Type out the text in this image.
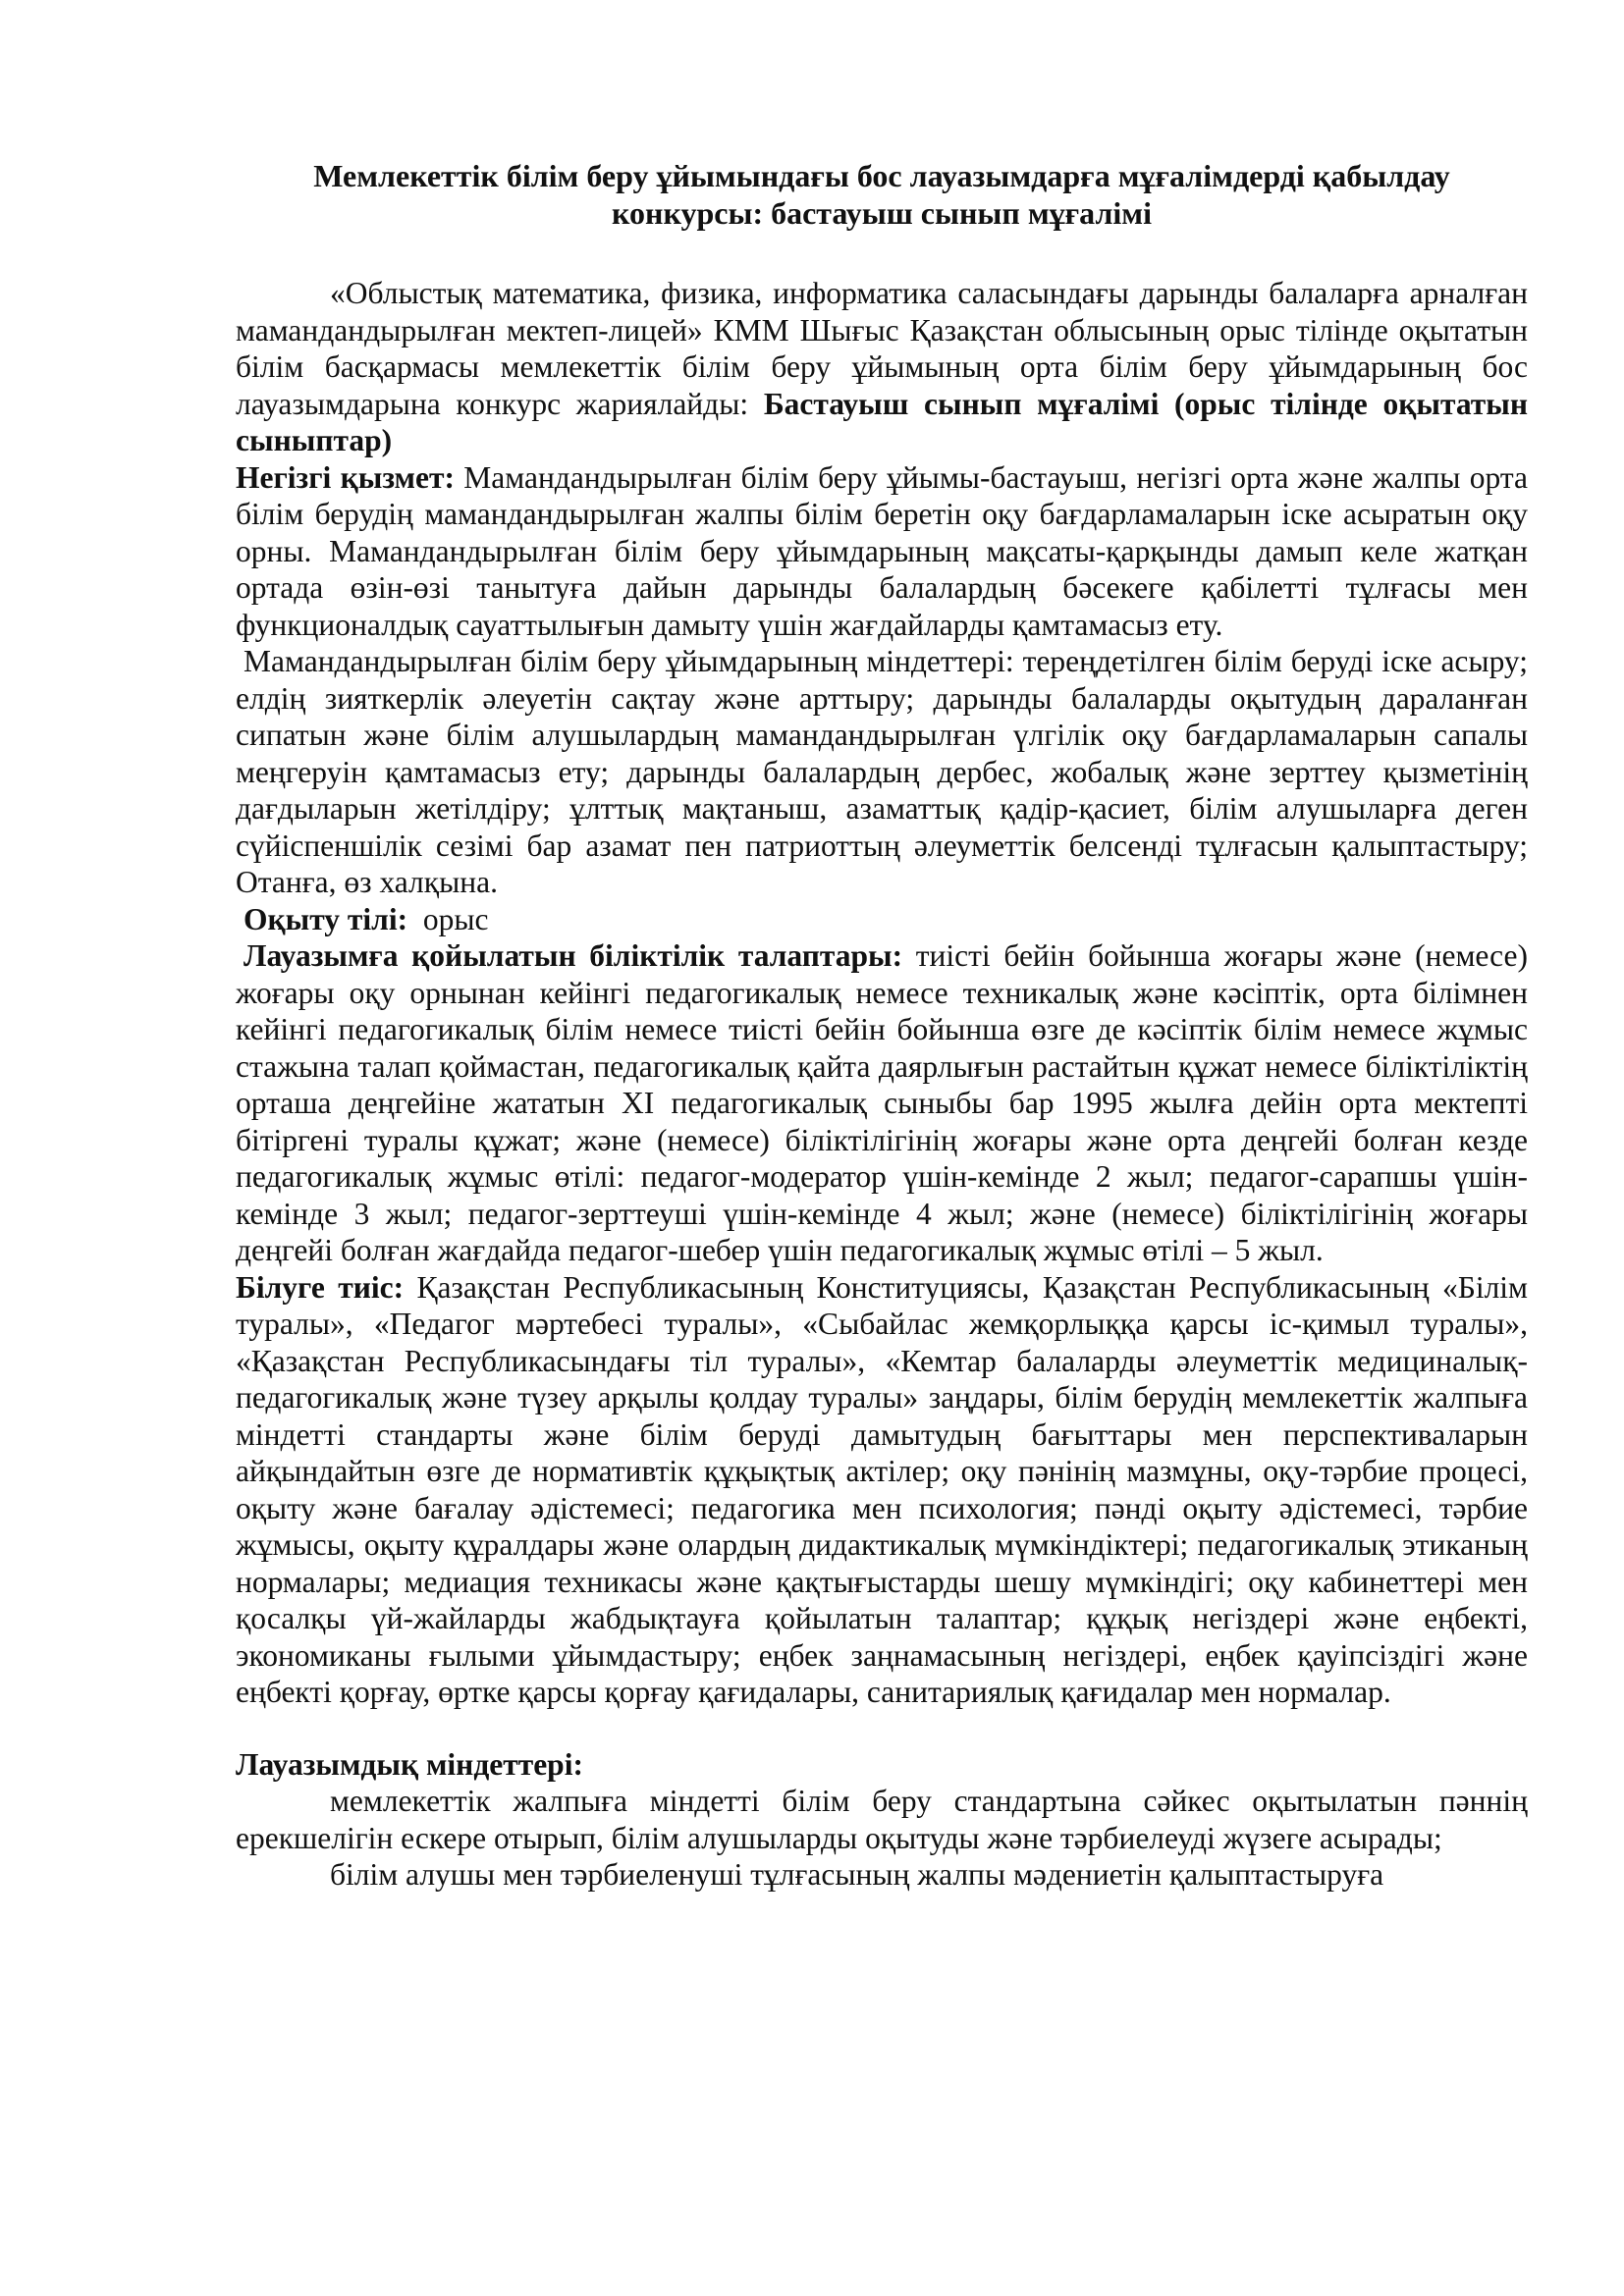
Мемлекеттік білім беру ұйымындағы бос лауазымдарға мұғалімдерді қабылдау
конкурсы: бастауыш сынып мұғалімі

«Облыстық математика, физика, информатика саласындағы дарынды балаларға арналған мамандандырылған мектеп-лицей» КММ Шығыс Қазақстан облысының орыс тілінде оқытатын білім басқармасы мемлекеттік білім беру ұйымының орта білім беру ұйымдарының бос лауазымдарына конкурс жариялайды: Бастауыш сынып мұғалімі (орыс тілінде оқытатын сыныптар)

Негізгі қызмет: Мамандандырылған білім беру ұйымы-бастауыш, негізгі орта және жалпы орта білім берудің мамандандырылған жалпы білім беретін оқу бағдарламаларын іске асыратын оқу орны. Мамандандырылған білім беру ұйымдарының мақсаты-қарқынды дамып келе жатқан ортада өзін-өзі танытуға дайын дарынды балалардың бәсекеге қабілетті тұлғасы мен функционалдық сауаттылығын дамыту үшін жағдайларды қамтамасыз ету.

Мамандандырылған білім беру ұйымдарының міндеттері: тереңдетілген білім беруді іске асыру; елдің зияткерлік әлеуетін сақтау және арттыру; дарынды балаларды оқытудың дараланған сипатын және білім алушылардың мамандандырылған үлгілік оқу бағдарламаларын сапалы меңгеруін қамтамасыз ету; дарынды балалардың дербес, жобалық және зерттеу қызметінің дағдыларын жетілдіру; ұлттық мақтаныш, азаматтық қадір-қасиет, білім алушыларға деген сүйіспеншілік сезімі бар азамат пен патриоттың әлеуметтік белсенді тұлғасын қалыптастыру; Отанға, өз халқына.

Оқыту тілі:  орыс

Лауазымға қойылатын біліктілік талаптары: тиісті бейін бойынша жоғары және (немесе) жоғары оқу орнынан кейінгі педагогикалық немесе техникалық және кәсіптік, орта білімнен кейінгі педагогикалық білім немесе тиісті бейін бойынша өзге де кәсіптік білім немесе жұмыс стажына талап қоймастан, педагогикалық қайта даярлығын растайтын құжат немесе біліктіліктің орташа деңгейіне жататын ХІ педагогикалық сыныбы бар 1995 жылға дейін орта мектепті бітіргені туралы құжат; және (немесе) біліктілігінің жоғары және орта деңгейі болған кезде педагогикалық жұмыс өтілі: педагог-модератор үшін-кемінде 2 жыл; педагог-сарапшы үшін-кемінде 3 жыл; педагог-зерттеуші үшін-кемінде 4 жыл; және (немесе) біліктілігінің жоғары деңгейі болған жағдайда педагог-шебер үшін педагогикалық жұмыс өтілі – 5 жыл.

Білуге тиіс: Қазақстан Республикасының Конституциясы, Қазақстан Республикасының «Білім туралы», «Педагог мәртебесі туралы», «Сыбайлас жемқорлыққа қарсы іс-қимыл туралы», «Қазақстан Республикасындағы тіл туралы», «Кемтар балаларды әлеуметтік медициналық-педагогикалық және түзеу арқылы қолдау туралы» заңдары, білім берудің мемлекеттік жалпыға міндетті стандарты және білім беруді дамытудың бағыттары мен перспективаларын айқындайтын өзге де нормативтік құқықтық актілер; оқу пәнінің мазмұны, оқу-тәрбие процесі, оқыту және бағалау әдістемесі; педагогика мен психология; пәнді оқыту әдістемесі, тәрбие жұмысы, оқыту құралдары және олардың дидактикалық мүмкіндіктері; педагогикалық этиканың нормалары; медиация техникасы және қақтығыстарды шешу мүмкіндігі; оқу кабинеттері мен қосалқы үй-жайларды жабдықтауға қойылатын талаптар; құқық негіздері және еңбекті, экономиканы ғылыми ұйымдастыру; еңбек заңнамасының негіздері, еңбек қауіпсіздігі және еңбекті қорғау, өртке қарсы қорғау қағидалары, санитариялық қағидалар мен нормалар.

Лауазымдық міндеттері:

мемлекеттік жалпыға міндетті білім беру стандартына сәйкес оқытылатын пәннің ерекшелігін ескере отырып, білім алушыларды оқытуды және тәрбиелеуді жүзеге асырады;

білім алушы мен тәрбиеленуші тұлғасының жалпы мәдениетін қалыптастыруға
